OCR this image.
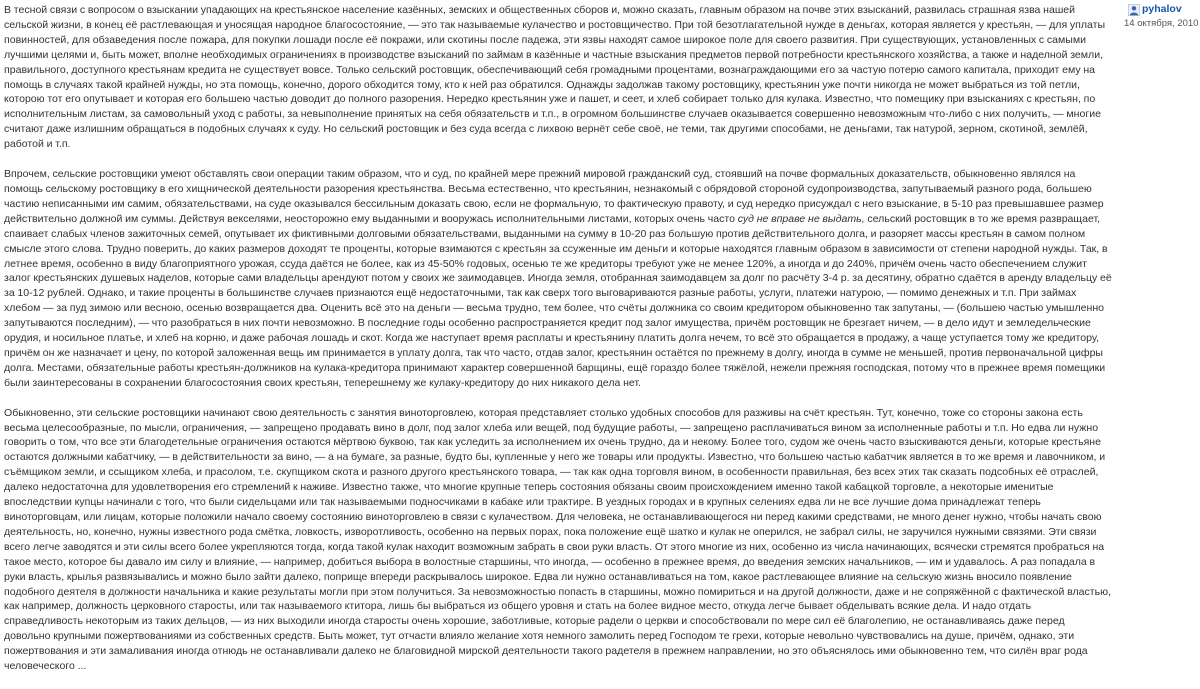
В тесной связи с вопросом о взыскании упадающих на крестьянское население казённых, земских и общественных сборов и, можно сказать, главным образом на почве этих взысканий, развилась страшная язва нашей сельской жизни, в конец её растлевающая и уносящая народное благосостояние, — это так называемые кулачество и ростовщичество. При той безотлагательной нужде в деньгах, которая является у крестьян, — для уплаты повинностей, для обзаведения после пожара, для покупки лошади после её покражи, или скотины после падежа, эти язвы находят самое широкое поле для своего развития. При существующих, установленных с самыми лучшими целями и, быть может, вполне необходимых ограничениях в производстве взысканий по займам в казённые и частные взыскания предметов первой потребности крестьянского хозяйства, а также и наделной земли, правильного, доступного крестьянам кредита не существует вовсе. Только сельский ростовщик, обеспечивающий себя громадными процентами, вознаграждающими его за частую потерю самого капитала, приходит ему на помощь в случаях такой крайней нужды, но эта помощь, конечно, дорого обходится тому, кто к ней раз обратился. Однажды задолжав такому ростовщику, крестьянин уже почти никогда не может выбраться из той петли, которою тот его опутывает и которая его большею частью доводит до полного разорения. Нередко крестьянин уже и пашет, и сеет, и хлеб собирает только для кулака. Известно, что помещику при взысканиях с крестьян, по исполнительным листам, за самовольный уход с работы, за невыполнение принятых на себя обязательств и т.п., в огромном большинстве случаев оказывается совершенно невозможным что-либо с них получить, — многие считают даже излишним обращаться в подобных случаях к суду. Но сельский ростовщик и без суда всегда с лихвою вернёт себе своё, не теми, так другими способами, не деньгами, так натурой, зерном, скотиной, землёй, работой и т.п.

Впрочем, сельские ростовщики умеют обставлять свои операции таким образом, что и суд, по крайней мере прежний мировой гражданский суд, стоявший на почве формальных доказательств, обыкновенно являлся на помощь сельскому ростовщику в его хищнической деятельности разорения крестьянства. Весьма естественно, что крестьянин, незнакомый с обрядовой стороной судопроизводства, запутываемый разного рода, большею частию неписанными им самим, обязательствами, на суде оказывался бессильным доказать свою, если не формальную, то фактическую правоту, и суд нередко присуждал с него взыскание, в 5-10 раз превышавшее размер действительно должной им суммы. Действуя векселями, неосторожно ему выданными и вооружась исполнительными листами, которых очень часто суд не вправе не выдать, сельский ростовщик в то же время развращает, спаивает слабых членов зажиточных семей, опутывает их фиктивными долговыми обязательствами, выданными на сумму в 10-20 раз большую против действительного долга, и разоряет массы крестьян в самом полном смысле этого слова. Трудно поверить, до каких размеров доходят те проценты, которые взимаются с крестьян за ссуженные им деньги и которые находятся главным образом в зависимости от степени народной нужды. Так, в летнее время, особенно в виду благоприятного урожая, ссуда даётся не более, как из 45-50% годовых, осенью те же кредиторы требуют уже не менее 120%, а иногда и до 240%, причём очень часто обеспечением служит залог крестьянских душевых наделов, которые сами владельцы арендуют потом у своих же заимодавцев. Иногда земля, отобранная заимодавцем за долг по расчёту 3-4 р. за десятину, обратно сдаётся в аренду владельцу её за 10-12 рублей. Однако, и такие проценты в большинстве случаев признаются ещё недостаточными, так как сверх того выговариваются разные работы, услуги, платежи натурою, — помимо денежных и т.п. При займах хлебом — за пуд зимою или весною, осенью возвращается два. Оценить всё это на деньги — весьма трудно, тем более, что счёты должника со своим кредитором обыкновенно так запутаны, — (большею частью умышленно запутываются последним), — что разобраться в них почти невозможно. В последние годы особенно распространяется кредит под залог имущества, причём ростовщик не брезгает ничем, — в дело идут и земледельческие орудия, и носильное платье, и хлеб на корню, и даже рабочая лошадь и скот. Когда же наступает время расплаты и крестьянину платить долга нечем, то всё это обращается в продажу, а чаще уступается тому же кредитору, причём он же назначает и цену, по которой заложенная вещь им принимается в уплату долга, так что часто, отдав залог, крестьянин остаётся по прежнему в долгу, иногда в сумме не меньшей, против первоначальной цифры долга. Местами, обязательные работы крестьян-должников на кулака-кредитора принимают характер совершенной барщины, ещё гораздо более тяжёлой, нежели прежняя господская, потому что в прежнее время помещики были заинтересованы в сохранении благосостояния своих крестьян, теперешнему же кулаку-кредитору до них никакого дела нет.

Обыкновенно, эти сельские ростовщики начинают свою деятельность с занятия виноторговлею, которая представляет столько удобных способов для разживы на счёт крестьян. Тут, конечно, тоже со стороны закона есть весьма целесообразные, по мысли, ограничения, — запрещено продавать вино в долг, под залог хлеба или вещей, под будущие работы, — запрещено расплачиваться вином за исполненные работы и т.п. Но едва ли нужно говорить о том, что все эти благодетельные ограничения остаются мёртвою буквою, так как уследить за исполнением их очень трудно, да и некому. Более того, судом же очень часто взыскиваются деньги, которые крестьяне остаются должными кабатчику, — в действительности за вино, — а на бумаге, за разные, будто бы, купленные у него же товары или продукты. Известно, что большею частью кабатчик является в то же время и лавочником, и съёмщиком земли, и ссыщиком хлеба, и прасолом, т.е. скупщиком скота и разного другого крестьянского товара, — так как одна торговля вином, в особенности правильная, без всех этих так сказать подсобных её отраслей, далеко недостаточна для удовлетворения его стремлений к наживе. Известно также, что многие крупные теперь состояния обязаны своим происхождением именно такой кабацкой торговле, а некоторые именитые впоследствии купцы начинали с того, что были сидельцами или так называемыми подносчиками в кабаке или трактире. В уездных городах и в крупных селениях едва ли не все лучшие дома принадлежат теперь виноторговцам, или лицам, которые положили начало своему состоянию виноторговлею в связи с кулачеством. Для человека, не останавливающегося ни перед какими средствами, не много денег нужно, чтобы начать свою деятельность, но, конечно, нужны известного рода смётка, ловкость, изворотливость, особенно на первых порах, пока положение ещё шатко и кулак не оперился, не забрал силы, не заручился нужными связями. Эти связи всего легче заводятся и эти силы всего более укрепляются тогда, когда такой кулак находит возможным забрать в свои руки власть. От этого многие из них, особенно из числа начинающих, всячески стремятся пробраться на такое место, которое бы давало им силу и влияние, — например, добиться выбора в волостные старшины, что иногда, — особенно в прежнее время, до введения земских начальников, — им и удавалось. А раз попадала в руки власть, крылья развязывались и можно было зайти далеко, поприще впереди раскрывалось широкое. Едва ли нужно останавливаться на том, какое растлевающее влияние на сельскую жизнь вносило появление подобного деятеля в должности начальника и какие результаты могли при этом получиться. За невозможностью попасть в старшины, можно помириться и на другой должности, даже и не сопряжённой с фактической властью, как например, должность церковного старосты, или так называемого ктитора, лишь бы выбраться из общего уровня и стать на более видное место, откуда легче бывает обделывать всякие дела. И надо отдать справедливость некоторым из таких дельцов, — из них выходили иногда старосты очень хорошие, заботливые, которые радели о церкви и способствовали по мере сил её благолепию, не останавливаясь даже перед довольно крупными пожертвованиями из собственных средств. Быть может, тут отчасти влияло желание хотя немного замолить перед Господом те грехи, которые невольно чувствовались на душе, причём, однако, эти пожертвования и эти замаливания иногда отнюдь не останавливали далеко не благовидной мирской деятельности такого радетеля в прежнем направлении, но это объяснялось ими обыкновенно тем, что силён враг рода человеческого ...

pyhalov
14 октября, 2010
